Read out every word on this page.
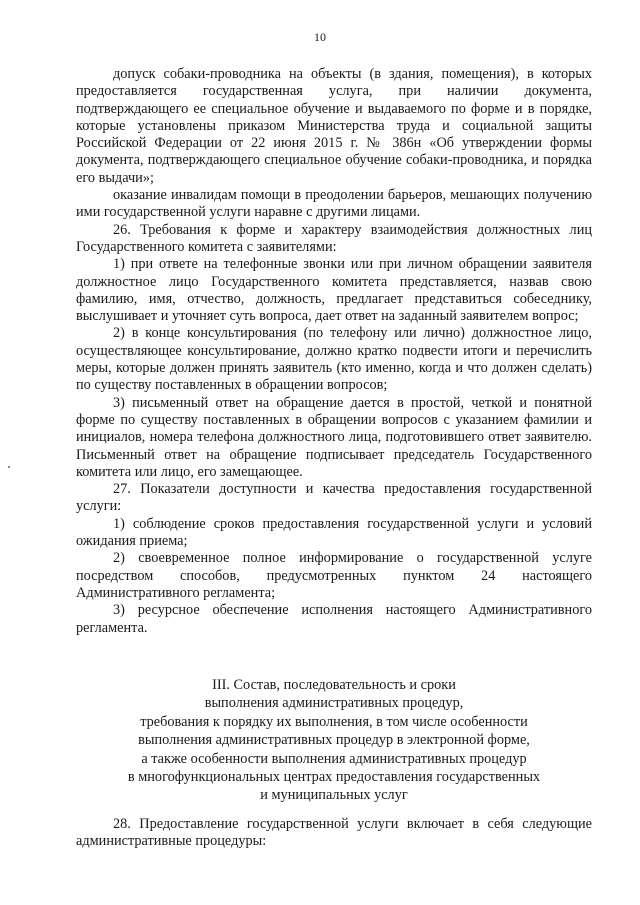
10

допуск собаки-проводника на объекты (в здания, помещения), в которых предоставляется государственная услуга, при наличии документа, подтверждающего ее специальное обучение и выдаваемого по форме и в порядке, которые установлены приказом Министерства труда и социальной защиты Российской Федерации от 22 июня 2015 г. № 386н «Об утверждении формы документа, подтверждающего специальное обучение собаки-проводника, и порядка его выдачи»;

оказание инвалидам помощи в преодолении барьеров, мешающих получению ими государственной услуги наравне с другими лицами.

26. Требования к форме и характеру взаимодействия должностных лиц Государственного комитета с заявителями:

1) при ответе на телефонные звонки или при личном обращении заявителя должностное лицо Государственного комитета представляется, назвав свою фамилию, имя, отчество, должность, предлагает представиться собеседнику, выслушивает и уточняет суть вопроса, дает ответ на заданный заявителем вопрос;

2) в конце консультирования (по телефону или лично) должностное лицо, осуществляющее консультирование, должно кратко подвести итоги и перечислить меры, которые должен принять заявитель (кто именно, когда и что должен сделать) по существу поставленных в обращении вопросов;

3) письменный ответ на обращение дается в простой, четкой и понятной форме по существу поставленных в обращении вопросов с указанием фамилии и инициалов, номера телефона должностного лица, подготовившего ответ заявителю. Письменный ответ на обращение подписывает председатель Государственного комитета или лицо, его замещающее.

27. Показатели доступности и качества предоставления государственной услуги:

1) соблюдение сроков предоставления государственной услуги и условий ожидания приема;

2) своевременное полное информирование о государственной услуге посредством способов, предусмотренных пунктом 24 настоящего Административного регламента;

3) ресурсное обеспечение исполнения настоящего Административного регламента.

III. Состав, последовательность и сроки
выполнения административных процедур,
требования к порядку их выполнения, в том числе особенности
выполнения административных процедур в электронной форме,
а также особенности выполнения административных процедур
в многофункциональных центрах предоставления государственных
и муниципальных услуг

28. Предоставление государственной услуги включает в себя следующие административные процедуры:
